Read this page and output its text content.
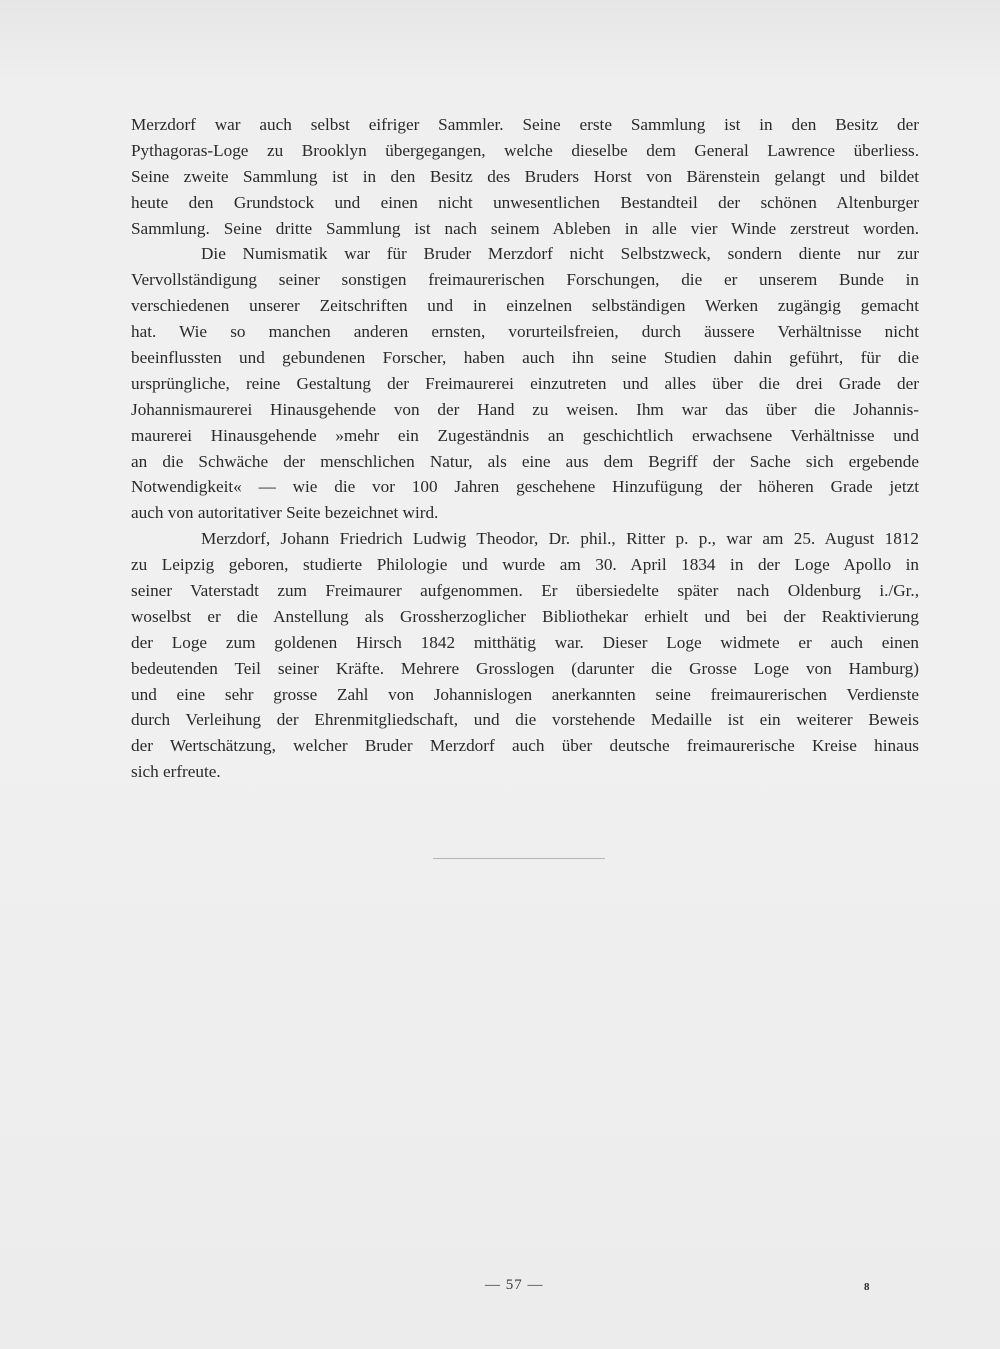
Merzdorf war auch selbst eifriger Sammler. Seine erste Sammlung ist in den Besitz der
Pythagoras-Loge zu Brooklyn übergegangen, welche dieselbe dem General Lawrence überliess.
Seine zweite Sammlung ist in den Besitz des Bruders Horst von Bärenstein gelangt und bildet
heute den Grundstock und einen nicht unwesentlichen Bestandteil der schönen Altenburger
Sammlung. Seine dritte Sammlung ist nach seinem Ableben in alle vier Winde zerstreut worden.
Die Numismatik war für Bruder Merzdorf nicht Selbstzweck, sondern diente nur zur
Vervollständigung seiner sonstigen freimaurerischen Forschungen, die er unserem Bunde in
verschiedenen unserer Zeitschriften und in einzelnen selbständigen Werken zugängig gemacht
hat. Wie so manchen anderen ernsten, vorurteilsfreien, durch äussere Verhältnisse nicht
beeinflussten und gebundenen Forscher, haben auch ihn seine Studien dahin geführt, für die
ursprüngliche, reine Gestaltung der Freimaurerei einzutreten und alles über die drei Grade der
Johannismaurerei Hinausgehende von der Hand zu weisen. Ihm war das über die Johannis-
maurerei Hinausgehende »mehr ein Zugeständnis an geschichtlich erwachsene Verhältnisse und
an die Schwäche der menschlichen Natur, als eine aus dem Begriff der Sache sich ergebende
Notwendigkeit« — wie die vor 100 Jahren geschehene Hinzufügung der höheren Grade jetzt
auch von autoritativer Seite bezeichnet wird.
Merzdorf, Johann Friedrich Ludwig Theodor, Dr. phil., Ritter p. p., war am 25. August 1812
zu Leipzig geboren, studierte Philologie und wurde am 30. April 1834 in der Loge Apollo in
seiner Vaterstadt zum Freimaurer aufgenommen. Er übersiedelte später nach Oldenburg i./Gr.,
woselbst er die Anstellung als Grossherzoglicher Bibliothekar erhielt und bei der Reaktivierung
der Loge zum goldenen Hirsch 1842 mitthätig war. Dieser Loge widmete er auch einen
bedeutenden Teil seiner Kräfte. Mehrere Grosslogen (darunter die Grosse Loge von Hamburg)
und eine sehr grosse Zahl von Johannislogen anerkannten seine freimaurerischen Verdienste
durch Verleihung der Ehrenmitgliedschaft, und die vorstehende Medaille ist ein weiterer Beweis
der Wertschätzung, welcher Bruder Merzdorf auch über deutsche freimaurerische Kreise hinaus
sich erfreute.
— 57 —	8
